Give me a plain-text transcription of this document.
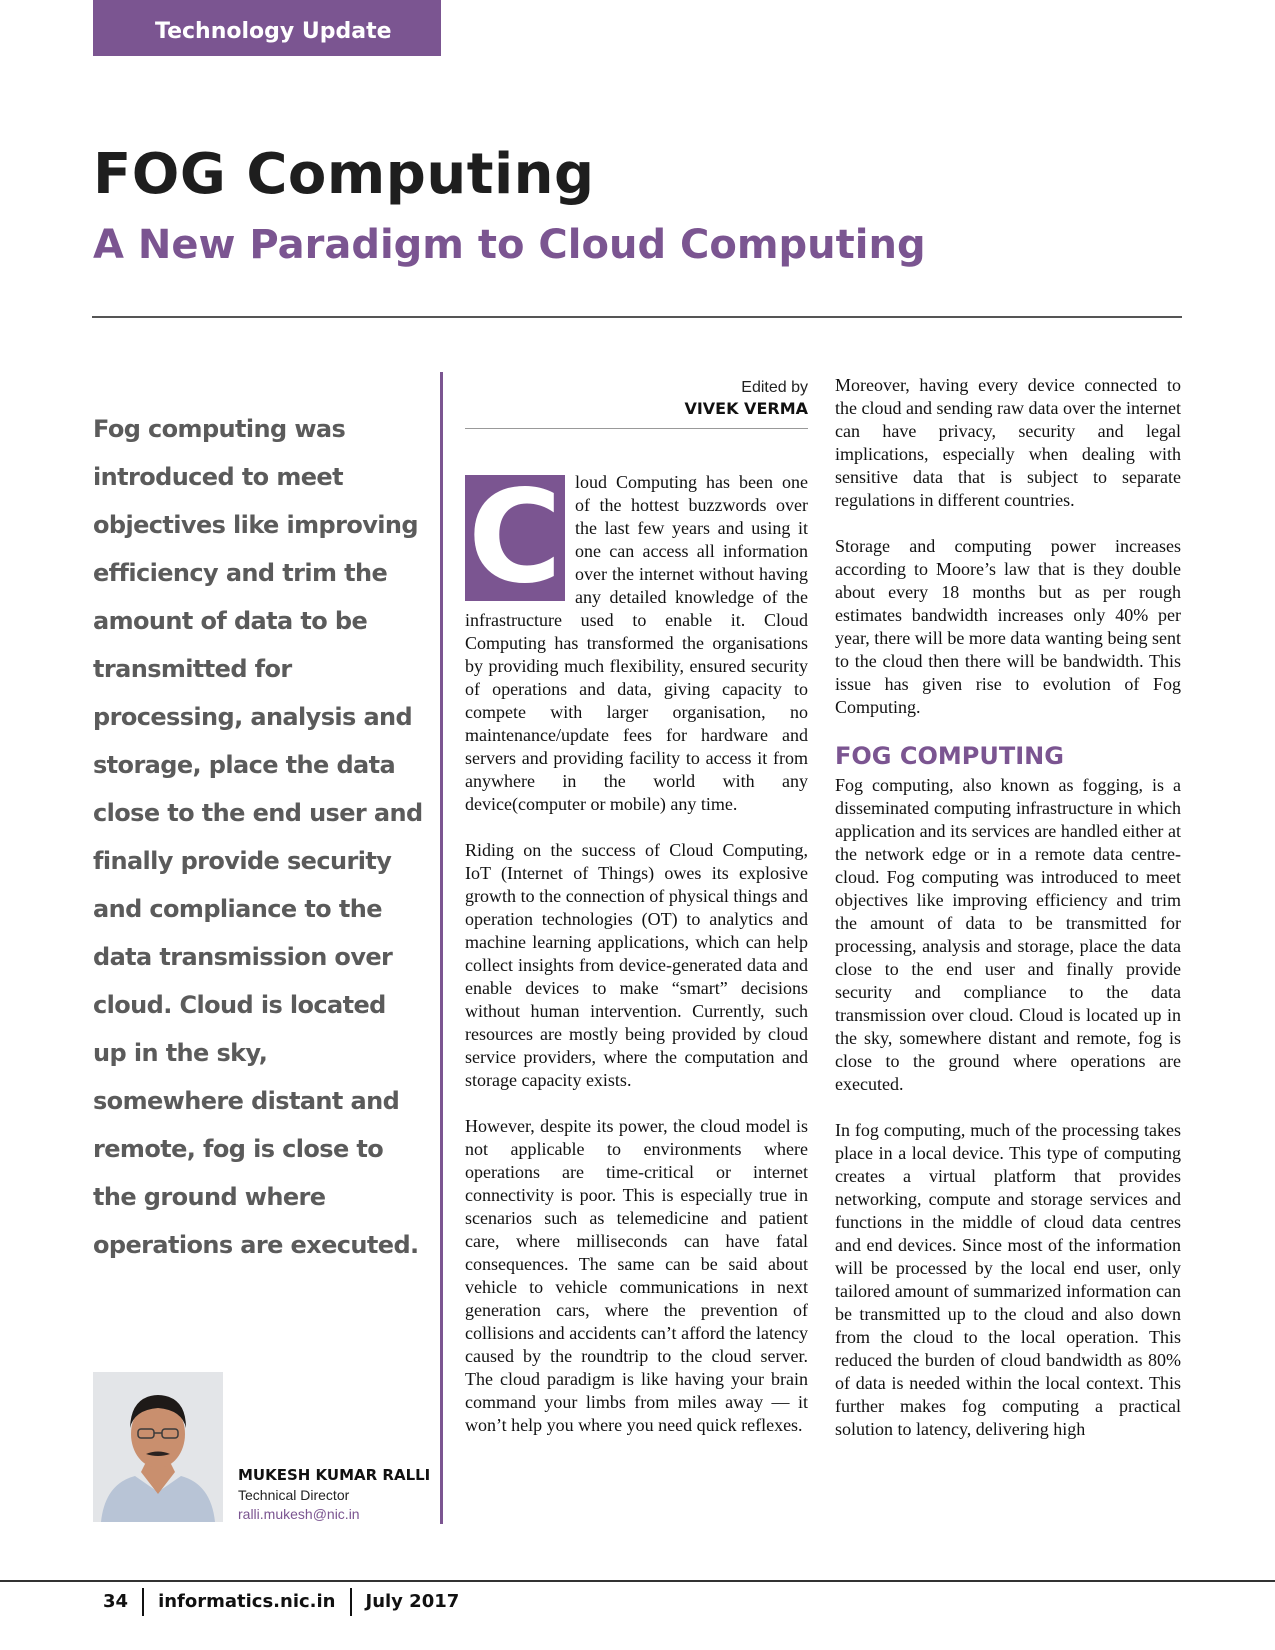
Technology Update
FOG Computing
A New Paradigm to Cloud Computing
Fog computing was introduced to meet objectives like improving efficiency and trim the amount of data to be transmitted for processing, analysis and storage, place the data close to the end user and finally provide security and compliance to the data transmission over cloud. Cloud is located up in the sky, somewhere distant and remote, fog is close to the ground where operations are executed.
MUKESH KUMAR RALLI
Technical Director
ralli.mukesh@nic.in
Edited by
VIVEK VERMA

C loud Computing has been one of the hottest buzzwords over the last few years and using it one can access all information over the internet without having any detailed knowledge of the infrastructure used to enable it. Cloud Computing has transformed the organisations by providing much flexibility, ensured security of operations and data, giving capacity to compete with larger organisation, no maintenance/update fees for hardware and servers and providing facility to access it from anywhere in the world with any device(computer or mobile) any time.

Riding on the success of Cloud Computing, IoT (Internet of Things) owes its explosive growth to the connection of physical things and operation technologies (OT) to analytics and machine learning applications, which can help collect insights from device-generated data and enable devices to make “smart” decisions without human intervention. Currently, such resources are mostly being provided by cloud service providers, where the computation and storage capacity exists.

However, despite its power, the cloud model is not applicable to environments where operations are time-critical or internet connectivity is poor. This is especially true in scenarios such as telemedicine and patient care, where milliseconds can have fatal consequences. The same can be said about vehicle to vehicle communications in next generation cars, where the prevention of collisions and accidents can’t afford the latency caused by the roundtrip to the cloud server. The cloud paradigm is like having your brain command your limbs from miles away — it won’t help you where you need quick reflexes.

Moreover, having every device connected to the cloud and sending raw data over the internet can have privacy, security and legal implications, especially when dealing with sensitive data that is subject to separate regulations in different countries.

Storage and computing power increases according to Moore’s law that is they double about every 18 months but as per rough estimates bandwidth increases only 40% per year, there will be more data wanting being sent to the cloud then there will be bandwidth. This issue has given rise to evolution of Fog Computing.

FOG COMPUTING

Fog computing, also known as fogging, is a disseminated computing infrastructure in which application and its services are handled either at the network edge or in a remote data centre- cloud. Fog computing was introduced to meet objectives like improving efficiency and trim the amount of data to be transmitted for processing, analysis and storage, place the data close to the end user and finally provide security and compliance to the data transmission over cloud. Cloud is located up in the sky, somewhere distant and remote, fog is close to the ground where operations are executed.

In fog computing, much of the processing takes place in a local device. This type of computing creates a virtual platform that provides networking, compute and storage services and functions in the middle of cloud data centres and end devices. Since most of the information will be processed by the local end user, only tailored amount of summarized information can be transmitted up to the cloud and also down from the cloud to the local operation. This reduced the burden of cloud bandwidth as 80% of data is needed within the local context. This further makes fog computing a practical solution to latency, delivering high

34 informatics.nic.in July 2017
